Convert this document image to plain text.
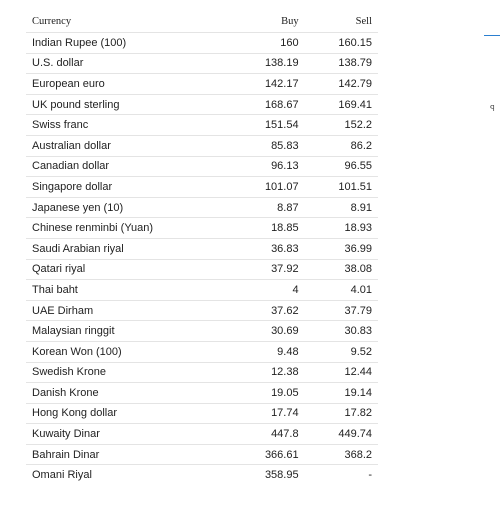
Currency	Buy	Sell
Indian Rupee (100)	160	160.15
U.S. dollar	138.19	138.79
European euro	142.17	142.79
UK pound sterling	168.67	169.41
Swiss franc	151.54	152.2
Australian dollar	85.83	86.2
Canadian dollar	96.13	96.55
Singapore dollar	101.07	101.51
Japanese yen (10)	8.87	8.91
Chinese renminbi (Yuan)	18.85	18.93
Saudi Arabian riyal	36.83	36.99
Qatari riyal	37.92	38.08
Thai baht	4	4.01
UAE Dirham	37.62	37.79
Malaysian ringgit	30.69	30.83
Korean Won (100)	9.48	9.52
Swedish Krone	12.38	12.44
Danish Krone	19.05	19.14
Hong Kong dollar	17.74	17.82
Kuwaity Dinar	447.8	449.74
Bahrain Dinar	366.61	368.2
Omani Riyal	358.95	-
ꟼ
